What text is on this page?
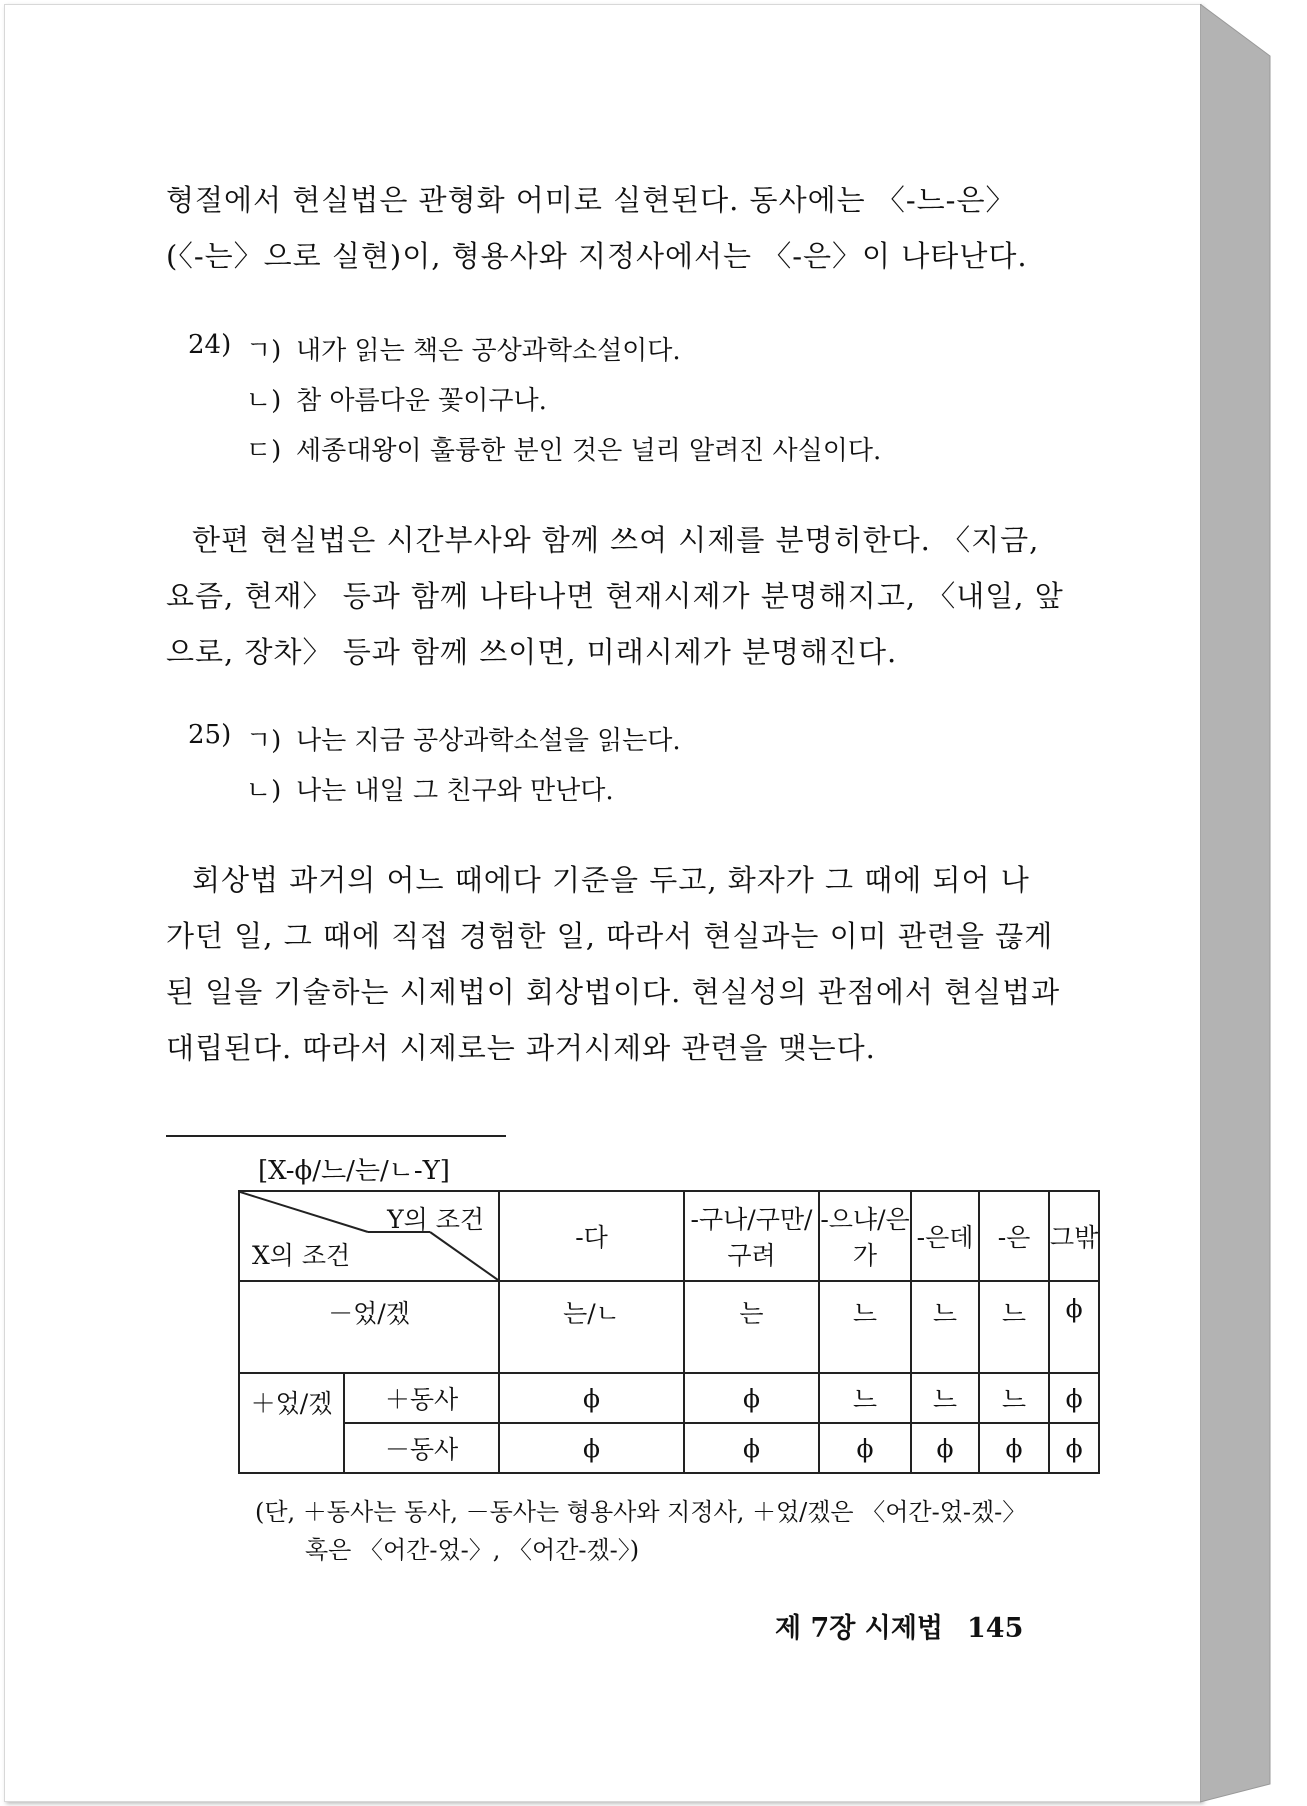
형절에서 현실법은 관형화 어미로 실현된다. 동사에는 〈-느-은〉
(〈-는〉으로 실현)이, 형용사와 지정사에서는 〈-은〉이 나타난다.
24) ㄱ) 내가 읽는 책은 공상과학소설이다.
ㄴ) 참 아름다운 꽃이구나.
ㄷ) 세종대왕이 훌륭한 분인 것은 널리 알려진 사실이다.
한편 현실법은 시간부사와 함께 쓰여 시제를 분명히한다. 〈지금,
요즘, 현재〉 등과 함께 나타나면 현재시제가 분명해지고, 〈내일, 앞
으로, 장차〉 등과 함께 쓰이면, 미래시제가 분명해진다.
25) ㄱ) 나는 지금 공상과학소설을 읽는다.
ㄴ) 나는 내일 그 친구와 만난다.
회상법 과거의 어느 때에다 기준을 두고, 화자가 그 때에 되어 나
가던 일, 그 때에 직접 경험한 일, 따라서 현실과는 이미 관련을 끊게
된 일을 기술하는 시제법이 회상법이다. 현실성의 관점에서 현실법과
대립된다. 따라서 시제로는 과거시제와 관련을 맺는다.
[X-ϕ/느/는/ㄴ-Y]
Y의 조건
X의 조건		-다	-구나/구만/구려	-으냐/은가	-은데	-은	그밖
－었/겠		는/ㄴ	는	느	느	느	ϕ
＋었/겠	＋동사	ϕ	ϕ	느	느	느	ϕ
	－동사	ϕ	ϕ	ϕ	ϕ	ϕ	ϕ
(단, ＋동사는 동사, －동사는 형용사와 지정사, ＋었/겠은 〈어간-었-겠-〉
혹은 〈어간-었-〉, 〈어간-겠-〉)
제 7장 시제법 145
